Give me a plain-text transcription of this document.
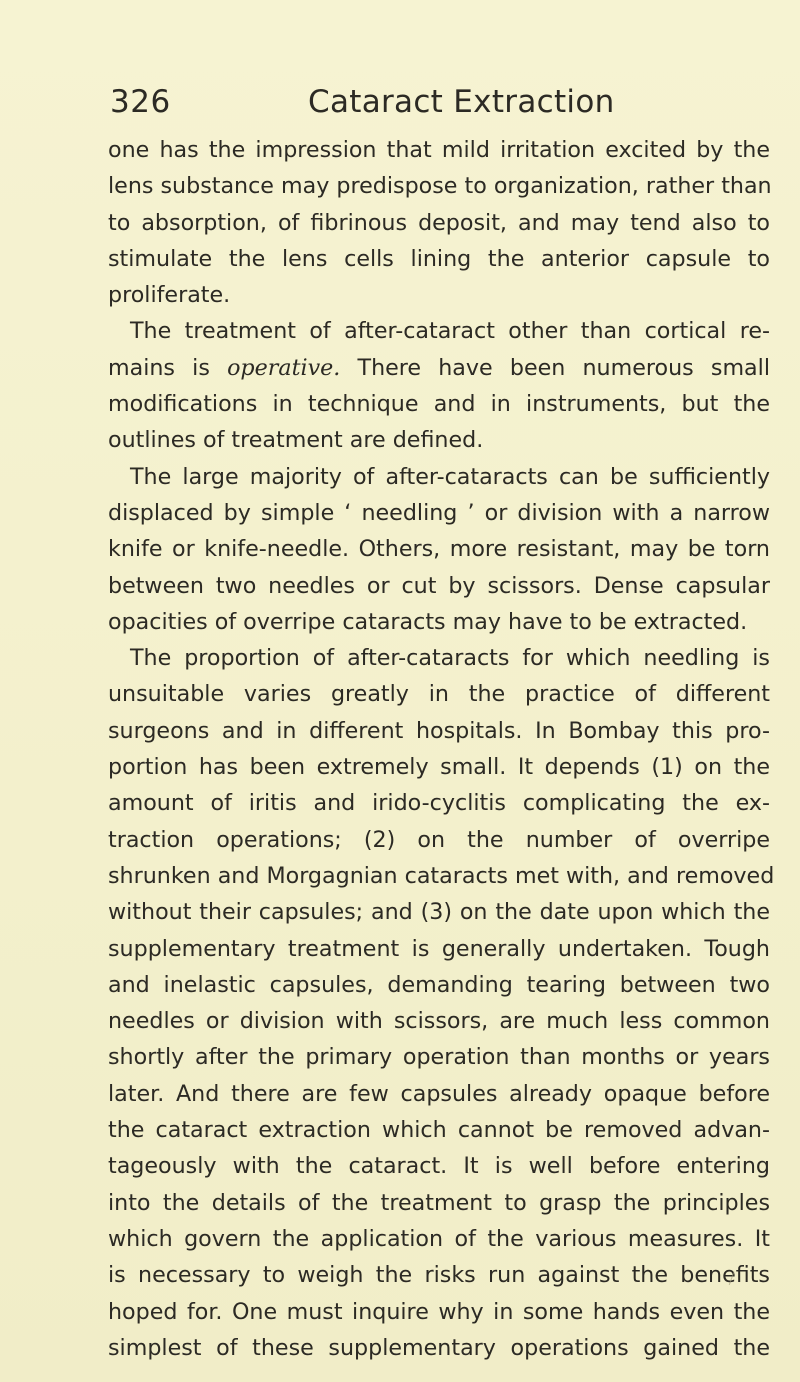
326	Cataract Extraction
one has the impression that mild irritation excited by the
lens substance may predispose to organization, rather than
to absorption, of fibrinous deposit, and may tend also to
stimulate the lens cells lining the anterior capsule to
proliferate.
The treatment of after-cataract other than cortical re-
mains is operative. There have been numerous small
modifications in technique and in instruments, but the
outlines of treatment are defined.
The large majority of after-cataracts can be sufficiently
displaced by simple ‘ needling ’ or division with a narrow
knife or knife-needle. Others, more resistant, may be torn
between two needles or cut by scissors. Dense capsular
opacities of overripe cataracts may have to be extracted.
The proportion of after-cataracts for which needling is
unsuitable varies greatly in the practice of different
surgeons and in different hospitals. In Bombay this pro-
portion has been extremely small. It depends (1) on the
amount of iritis and irido-cyclitis complicating the ex-
traction operations; (2) on the number of overripe
shrunken and Morgagnian cataracts met with, and removed
without their capsules; and (3) on the date upon which the
supplementary treatment is generally undertaken. Tough
and inelastic capsules, demanding tearing between two
needles or division with scissors, are much less common
shortly after the primary operation than months or years
later. And there are few capsules already opaque before
the cataract extraction which cannot be removed advan-
tageously with the cataract. It is well before entering
into the details of the treatment to grasp the principles
which govern the application of the various measures. It
is necessary to weigh the risks run against the benefits
hoped for. One must inquire why in some hands even the
simplest of these supplementary operations gained the
